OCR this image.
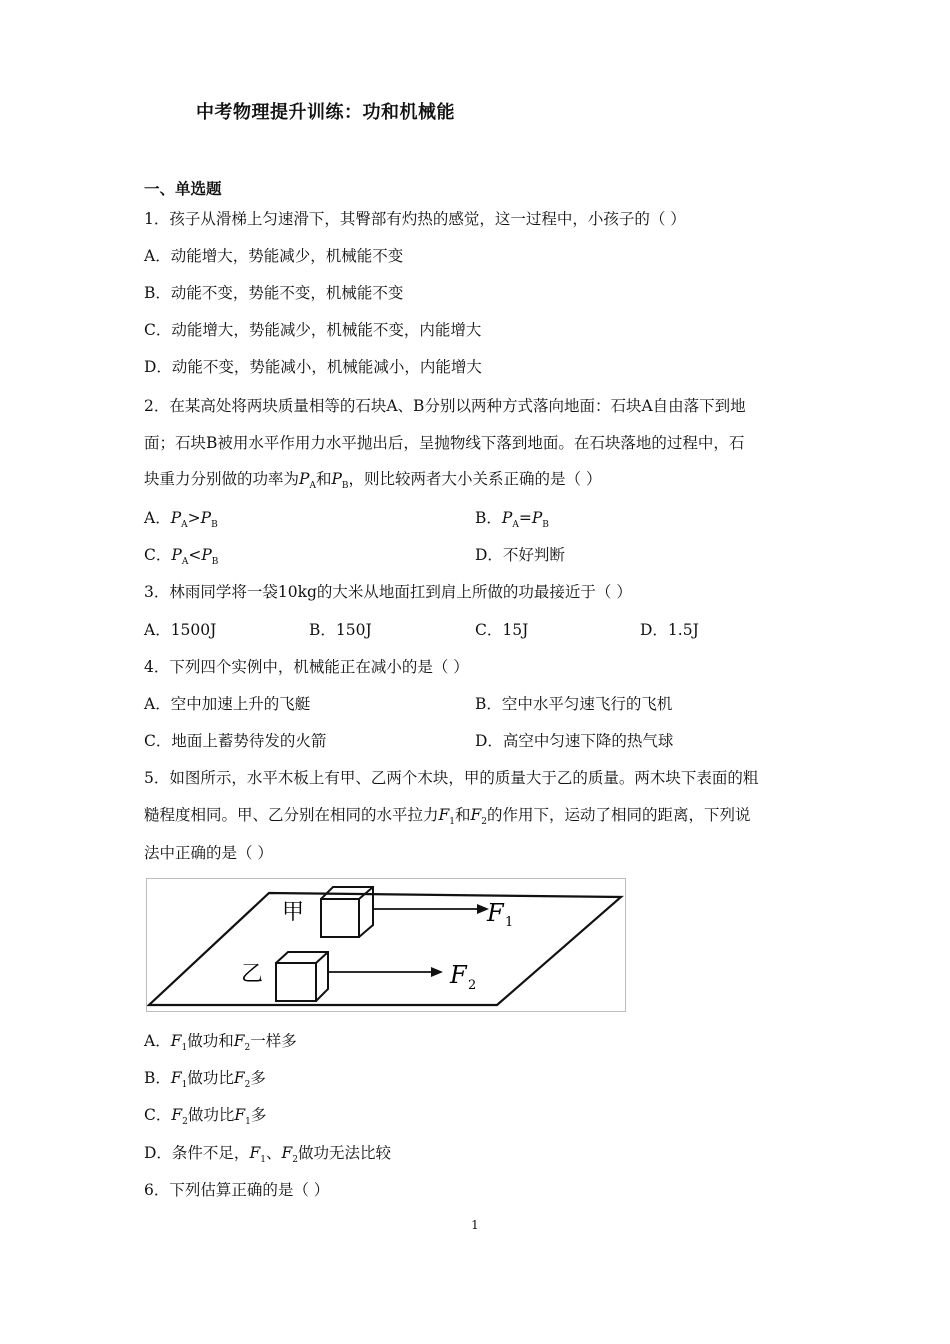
中考物理提升训练：功和机械能
一、单选题
1．孩子从滑梯上匀速滑下，其臀部有灼热的感觉，这一过程中，小孩子的（ ）
A．动能增大，势能减少，机械能不变
B．动能不变，势能不变，机械能不变
C．动能增大，势能减少，机械能不变，内能增大
D．动能不变，势能减小，机械能减小，内能增大
2．在某高处将两块质量相等的石块A、B分别以两种方式落向地面：石块A自由落下到地
面；石块B被用水平作用力水平抛出后，呈抛物线下落到地面。在石块落地的过程中，石
块重力分别做的功率为$P_A$和$P_B$，则比较两者大小关系正确的是（ ）
A．$P_A>P_B$	B．$P_A=P_B$
C．$P_A<P_B$	D．不好判断
3．林雨同学将一袋10kg的大米从地面扛到肩上所做的功最接近于（ ）
A．1500J	B．150J	C．15J	D．1.5J
4．下列四个实例中，机械能正在减小的是（ ）
A．空中加速上升的飞艇	B．空中水平匀速飞行的飞机
C．地面上蓄势待发的火箭	D．高空中匀速下降的热气球
5．如图所示，水平木板上有甲、乙两个木块，甲的质量大于乙的质量。两木块下表面的粗
糙程度相同。甲、乙分别在相同的水平拉力$F_1$和$F_2$的作用下，运动了相同的距离，下列说
法中正确的是（ ）
甲	F 1
乙	F 2
A．$F_1$做功和$F_2$一样多
B．$F_1$做功比$F_2$多
C．$F_2$做功比$F_1$多
D．条件不足，$F_1$、$F_2$做功无法比较
6．下列估算正确的是（ ）
1
